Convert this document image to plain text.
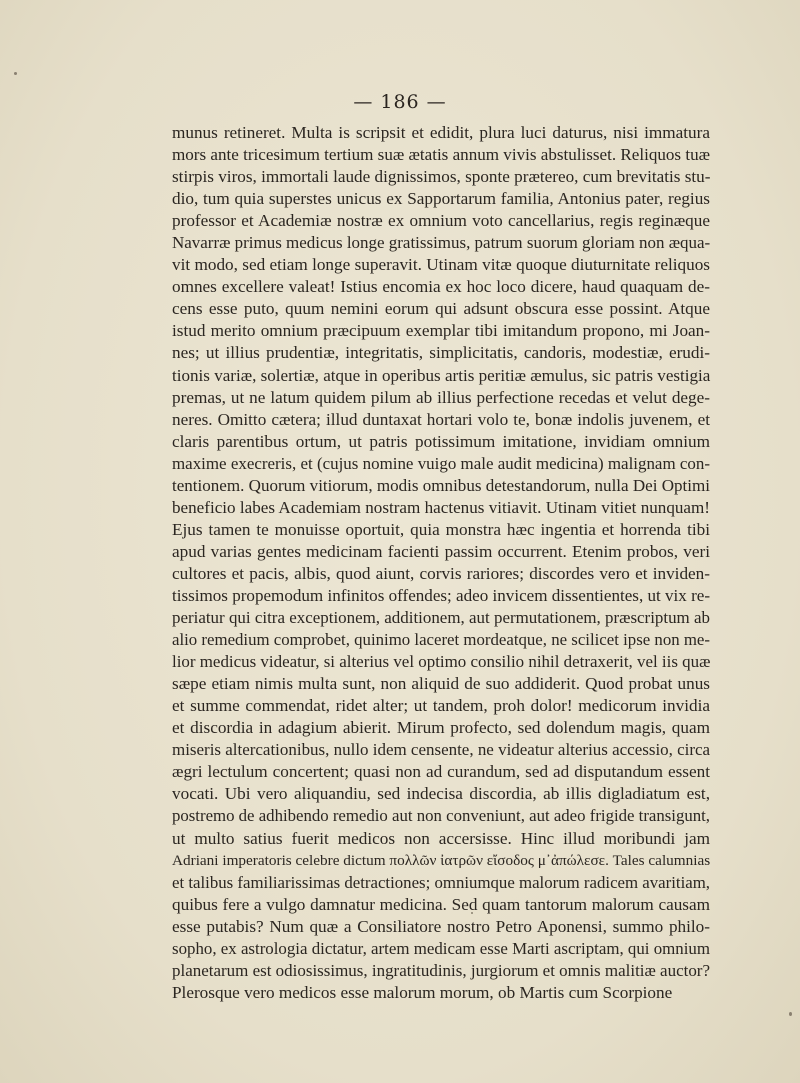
— 186 —
munus retineret. Multa is scripsit et edidit, plura luci daturus, nisi immatura
mors ante tricesimum tertium suæ ætatis annum vivis abstulisset. Reliquos tuæ
stirpis viros, immortali laude dignissimos, sponte prætereo, cum brevitatis stu-
dio, tum quia superstes unicus ex Sapportarum familia, Antonius pater, regius
professor et Academiæ nostræ ex omnium voto cancellarius, regis reginæque
Navarræ primus medicus longe gratissimus, patrum suorum gloriam non æqua-
vit modo, sed etiam longe superavit. Utinam vitæ quoque diuturnitate reliquos
omnes excellere valeat! Istius encomia ex hoc loco dicere, haud quaquam de-
cens esse puto, quum nemini eorum qui adsunt obscura esse possint. Atque
istud merito omnium præcipuum exemplar tibi imitandum propono, mi Joan-
nes; ut illius prudentiæ, integritatis, simplicitatis, candoris, modestiæ, erudi-
tionis variæ, solertiæ, atque in operibus artis peritiæ æmulus, sic patris vestigia
premas, ut ne latum quidem pilum ab illius perfectione recedas et velut dege-
neres. Omitto cætera; illud duntaxat hortari volo te, bonæ indolis juvenem, et
claris parentibus ortum, ut patris potissimum imitatione, invidiam omnium
maxime execreris, et (cujus nomine vuigo male audit medicina) malignam con-
tentionem. Quorum vitiorum, modis omnibus detestandorum, nulla Dei Optimi
beneficio labes Academiam nostram hactenus vitiavit. Utinam vitiet nunquam!
Ejus tamen te monuisse oportuit, quia monstra hæc ingentia et horrenda tibi
apud varias gentes medicinam facienti passim occurrent. Etenim probos, veri
cultores et pacis, albis, quod aiunt, corvis rariores; discordes vero et inviden-
tissimos propemodum infinitos offendes; adeo invicem dissentientes, ut vix re-
periatur qui citra exceptionem, additionem, aut permutationem, præscriptum ab
alio remedium comprobet, quinimo laceret mordeatque, ne scilicet ipse non me-
lior medicus videatur, si alterius vel optimo consilio nihil detraxerit, vel iis quæ
sæpe etiam nimis multa sunt, non aliquid de suo addiderit. Quod probat unus
et summe commendat, ridet alter; ut tandem, proh dolor! medicorum invidia
et discordia in adagium abierit. Mirum profecto, sed dolendum magis, quam
miseris altercationibus, nullo idem censente, ne videatur alterius accessio, circa
ægri lectulum concertent; quasi non ad curandum, sed ad disputandum essent
vocati. Ubi vero aliquandiu, sed indecisa discordia, ab illis digladiatum est,
postremo de adhibendo remedio aut non conveniunt, aut adeo frigide transigunt,
ut multo satius fuerit medicos non accersisse. Hinc illud moribundi jam
Adriani imperatoris celebre dictum πολλῶν ἰατρῶν εἴσοδος μ᾽ἀπώλεσε. Tales calumnias
et talibus familiarissimas detractiones; omniumque malorum radicem avaritiam,
quibus fere a vulgo damnatur medicina. Sed quam tantorum malorum causam
esse putabis? Num quæ a Consiliatore nostro Petro Aponensi, summo philo-
sopho, ex astrologia dictatur, artem medicam esse Marti ascriptam, qui omnium
planetarum est odiosissimus, ingratitudinis, jurgiorum et omnis malitiæ auctor?
Plerosque vero medicos esse malorum morum, ob Martis cum Scorpione
